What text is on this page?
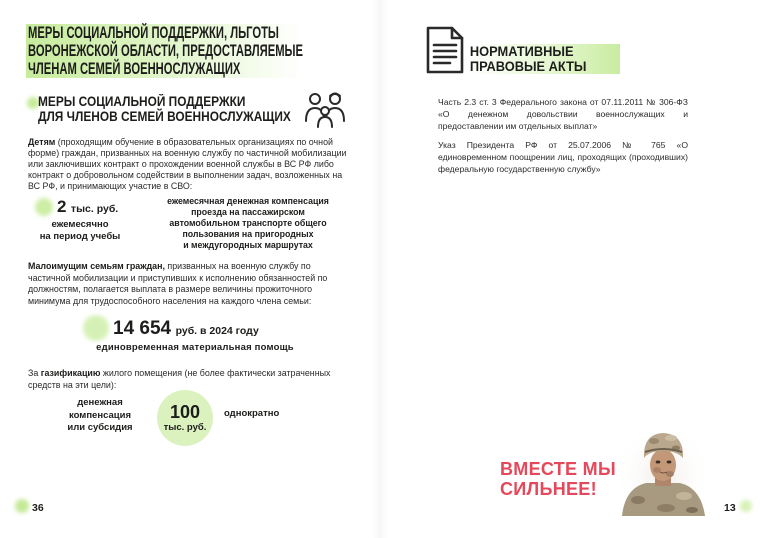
МЕРЫ СОЦИАЛЬНОЙ ПОДДЕРЖКИ, ЛЬГОТЫ
ВОРОНЕЖСКОЙ ОБЛАСТИ, ПРЕДОСТАВЛЯЕМЫЕ
ЧЛЕНАМ СЕМЕЙ ВОЕННОСЛУЖАЩИХ
МЕРЫ СОЦИАЛЬНОЙ ПОДДЕРЖКИ
ДЛЯ ЧЛЕНОВ СЕМЕЙ ВОЕННОСЛУЖАЩИХ

Детям (проходящим обучение в образовательных организациях по очной форме) граждан, призванных на военную службу по частичной мобилизации или заключивших контракт о прохождении военной службы в ВС РФ либо контракт о добровольном содействии в выполнении задач, возложенных на ВС РФ, и принимающих участие в СВО:

2 тыс. руб.
ежемесячно
на период учебы
ежемесячная денежная компенсация
проезда на пассажирском
автомобильном транспорте общего
пользования на пригородных
и междугородных маршрутах

Малоимущим семьям граждан, призванных на военную службу по частичной мобилизации и приступивших к исполнению обязанностей по должностям, полагается выплата в размере величины прожиточного минимума для трудоспособного населения на каждого члена семьи:

14 654 руб. в 2024 году
единовременная материальная помощь

За газификацию жилого помещения (не более фактически затраченных средств на эти цели):

денежная
компенсация
или субсидия
100
тыс. руб.
однократно
36
НОРМАТИВНЫЕ
ПРАВОВЫЕ АКТЫ

Часть 2.3 ст. 3 Федерального закона от 07.11.2011 № 306-ФЗ «О денежном довольствии военнослужащих и предоставлении им отдельных выплат»

Указ Президента РФ от 25.07.2006 № 765 «О единовременном поощрении лиц, проходящих (проходивших) федеральную государственную службу»

ВМЕСТЕ МЫ
СИЛЬНЕЕ!
13
